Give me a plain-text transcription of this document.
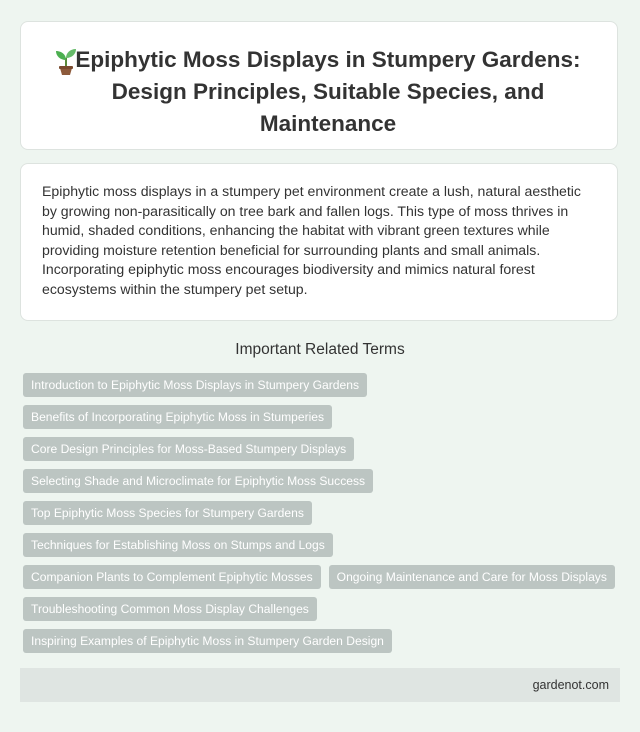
Epiphytic Moss Displays in Stumpery Gardens: Design Principles, Suitable Species, and Maintenance

Epiphytic moss displays in a stumpery pet environment create a lush, natural aesthetic by growing non-parasitically on tree bark and fallen logs. This type of moss thrives in humid, shaded conditions, enhancing the habitat with vibrant green textures while providing moisture retention beneficial for surrounding plants and small animals. Incorporating epiphytic moss encourages biodiversity and mimics natural forest ecosystems within the stumpery pet setup.

Important Related Terms
Introduction to Epiphytic Moss Displays in Stumpery Gardens
Benefits of Incorporating Epiphytic Moss in Stumperies
Core Design Principles for Moss-Based Stumpery Displays
Selecting Shade and Microclimate for Epiphytic Moss Success
Top Epiphytic Moss Species for Stumpery Gardens
Techniques for Establishing Moss on Stumps and Logs
Companion Plants to Complement Epiphytic Mosses	Ongoing Maintenance and Care for Moss Displays
Troubleshooting Common Moss Display Challenges
Inspiring Examples of Epiphytic Moss in Stumpery Garden Design
gardenot.com
